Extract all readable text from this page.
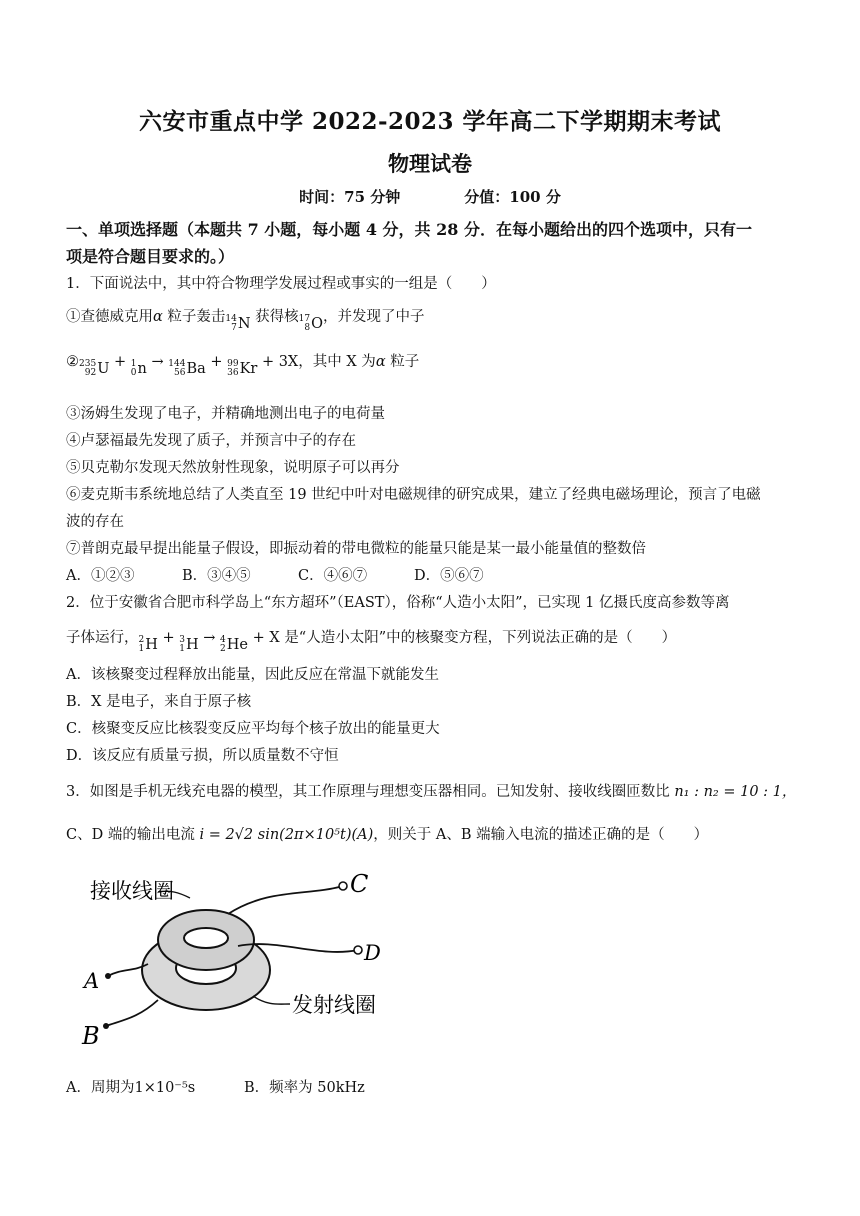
六安市重点中学 2022-2023 学年高二下学期期末考试
物理试卷
时间：75 分钟	分值：100 分
一、单项选择题（本题共 7 小题，每小题 4 分，共 28 分．在每小题给出的四个选项中，只有一
项是符合题目要求的。）
1．下面说法中，其中符合物理学发展过程或事实的一组是（　　）
①查德威克用α 粒子轰击 14
7 N 获得核 17
8 O ，并发现了中子
② 235
92 U + 1
0 n → 144
56 Ba + 99
36 Kr + 3X，其中 X 为α 粒子
③汤姆生发现了电子，并精确地测出电子的电荷量
④卢瑟福最先发现了质子，并预言中子的存在
⑤贝克勒尔发现天然放射性现象，说明原子可以再分
⑥麦克斯韦系统地总结了人类直至 19 世纪中叶对电磁规律的研究成果，建立了经典电磁场理论，预言了电磁
波的存在
⑦普朗克最早提出能量子假设，即振动着的带电微粒的能量只能是某一最小能量值的整数倍
A．①②③	B．③④⑤	C．④⑥⑦	D．⑤⑥⑦
2．位于安徽省合肥市科学岛上“东方超环”（EAST），俗称“人造小太阳”，已实现 1 亿摄氏度高参数等离
子体运行， 2
1 H + 3
1 H → 4
2 He + X 是“人造小太阳”中的核聚变方程，下列说法正确的是（　　）
A．该核聚变过程释放出能量，因此反应在常温下就能发生
B．X 是电子，来自于原子核
C．核聚变反应比核裂变反应平均每个核子放出的能量更大
D．该反应有质量亏损，所以质量数不守恒
3．如图是手机无线充电器的模型，其工作原理与理想变压器相同。已知发射、接收线圈匝数比 n₁ : n₂ = 10 : 1，
C、D 端的输出电流 i = 2√2 sin(2π×10⁵t)(A)，则关于 A、B 端输入电流的描述正确的是（　　）
接收线圈
发射线圈
C
D
A
B
A．周期为1×10⁻⁵s	B．频率为 50kHz
